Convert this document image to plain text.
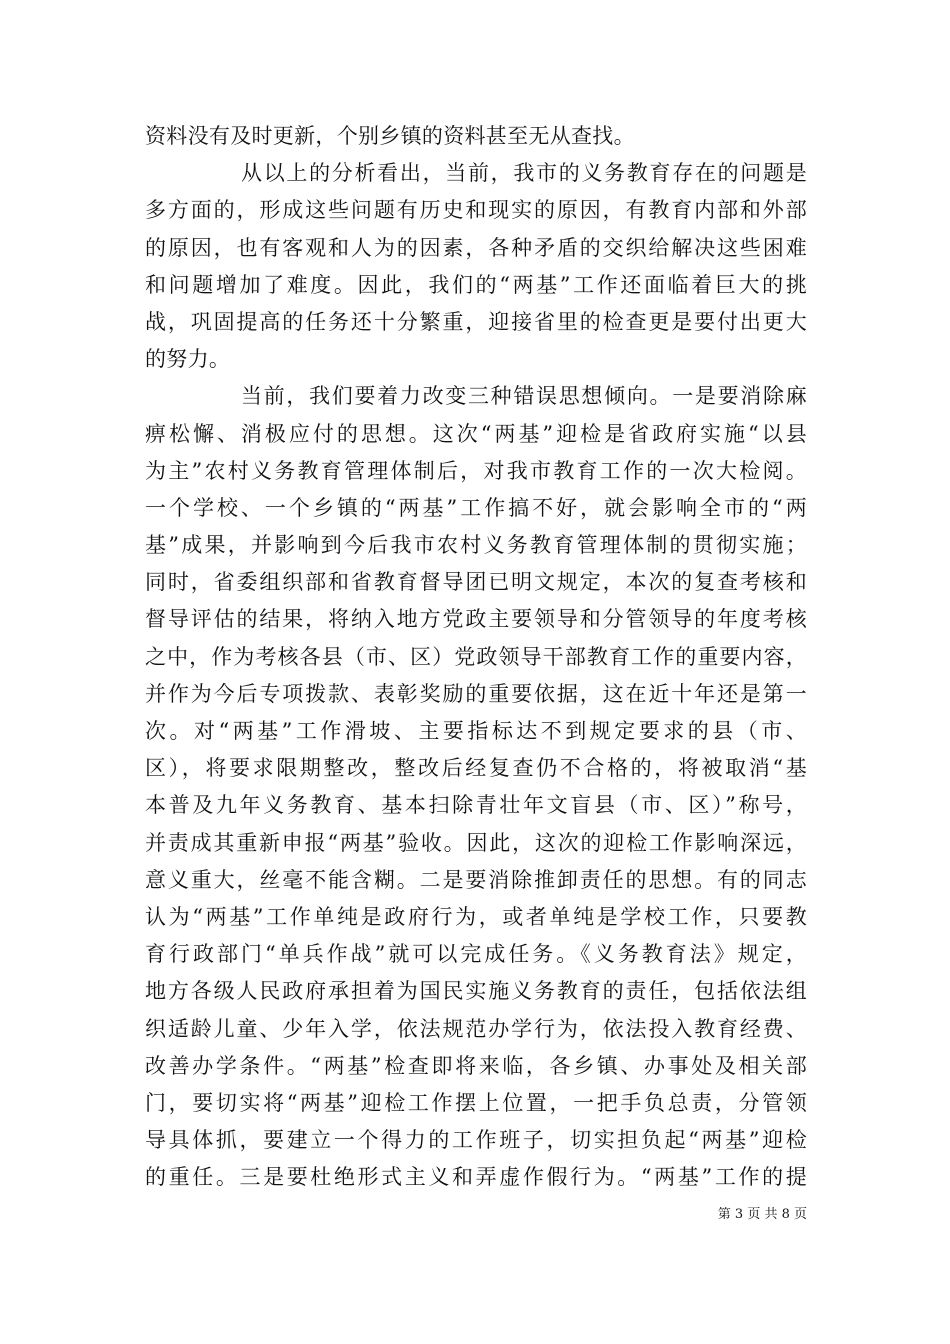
资料没有及时更新，个别乡镇的资料甚至无从查找。
从以上的分析看出，当前，我市的义务教育存在的问题是
多方面的，形成这些问题有历史和现实的原因，有教育内部和外部
的原因，也有客观和人为的因素，各种矛盾的交织给解决这些困难
和问题增加了难度。因此，我们的“两基”工作还面临着巨大的挑
战，巩固提高的任务还十分繁重，迎接省里的检查更是要付出更大
的努力。
当前，我们要着力改变三种错误思想倾向。一是要消除麻
痹松懈、消极应付的思想。这次“两基”迎检是省政府实施“以县
为主”农村义务教育管理体制后，对我市教育工作的一次大检阅。
一个学校、一个乡镇的“两基”工作搞不好，就会影响全市的“两
基”成果，并影响到今后我市农村义务教育管理体制的贯彻实施；
同时，省委组织部和省教育督导团已明文规定，本次的复查考核和
督导评估的结果，将纳入地方党政主要领导和分管领导的年度考核
之中，作为考核各县（市、区）党政领导干部教育工作的重要内容，
并作为今后专项拨款、表彰奖励的重要依据，这在近十年还是第一
次。对“两基”工作滑坡、主要指标达不到规定要求的县（市、
区），将要求限期整改，整改后经复查仍不合格的，将被取消“基
本普及九年义务教育、基本扫除青壮年文盲县（市、区）”称号，
并责成其重新申报“两基”验收。因此，这次的迎检工作影响深远，
意义重大，丝毫不能含糊。二是要消除推卸责任的思想。有的同志
认为“两基”工作单纯是政府行为，或者单纯是学校工作，只要教
育行政部门“单兵作战”就可以完成任务。《义务教育法》规定，
地方各级人民政府承担着为国民实施义务教育的责任，包括依法组
织适龄儿童、少年入学，依法规范办学行为，依法投入教育经费、
改善办学条件。“两基”检查即将来临，各乡镇、办事处及相关部
门，要切实将“两基”迎检工作摆上位置，一把手负总责，分管领
导具体抓，要建立一个得力的工作班子，切实担负起“两基”迎检
的重任。三是要杜绝形式主义和弄虚作假行为。“两基”工作的提
第 3 页 共 8 页
